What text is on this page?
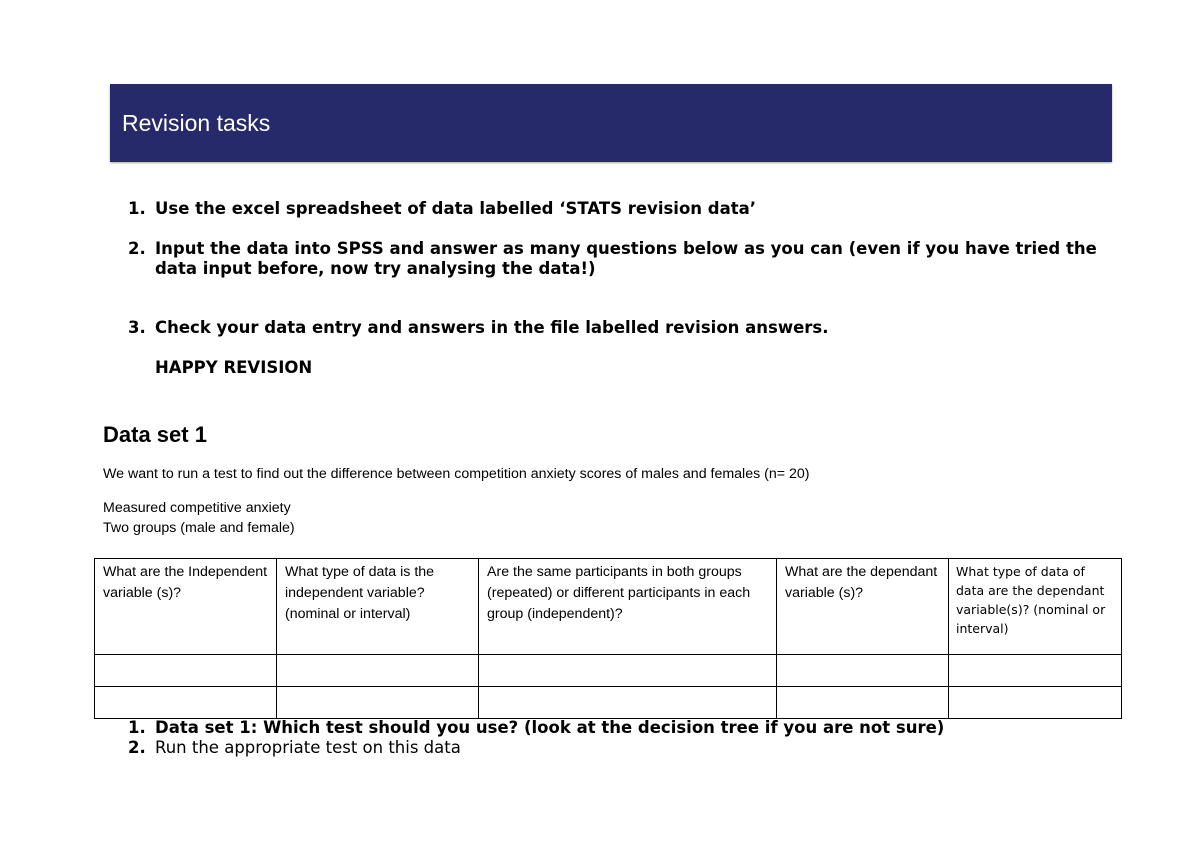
Revision tasks
1. Use the excel spreadsheet of data labelled ‘STATS revision data’
2. Input the data into SPSS and answer as many questions below as you can (even if you have tried the data input before, now try analysing the data!)
3. Check your data entry and answers in the file labelled revision answers.
HAPPY REVISION
Data set 1
We want to run a test to find out the difference between competition anxiety scores of males and females (n= 20)
Measured competitive anxiety
Two groups (male and female)
What are the Independent variable (s)?	What type of data is the independent variable? (nominal or interval)	Are the same participants in both groups (repeated) or different participants in each group (independent)?	What are the dependant variable (s)?	What type of data of data are the dependant variable(s)? (nominal or interval)

1. Data set 1: Which test should you use? (look at the decision tree if you are not sure)
2. Run the appropriate test on this data
